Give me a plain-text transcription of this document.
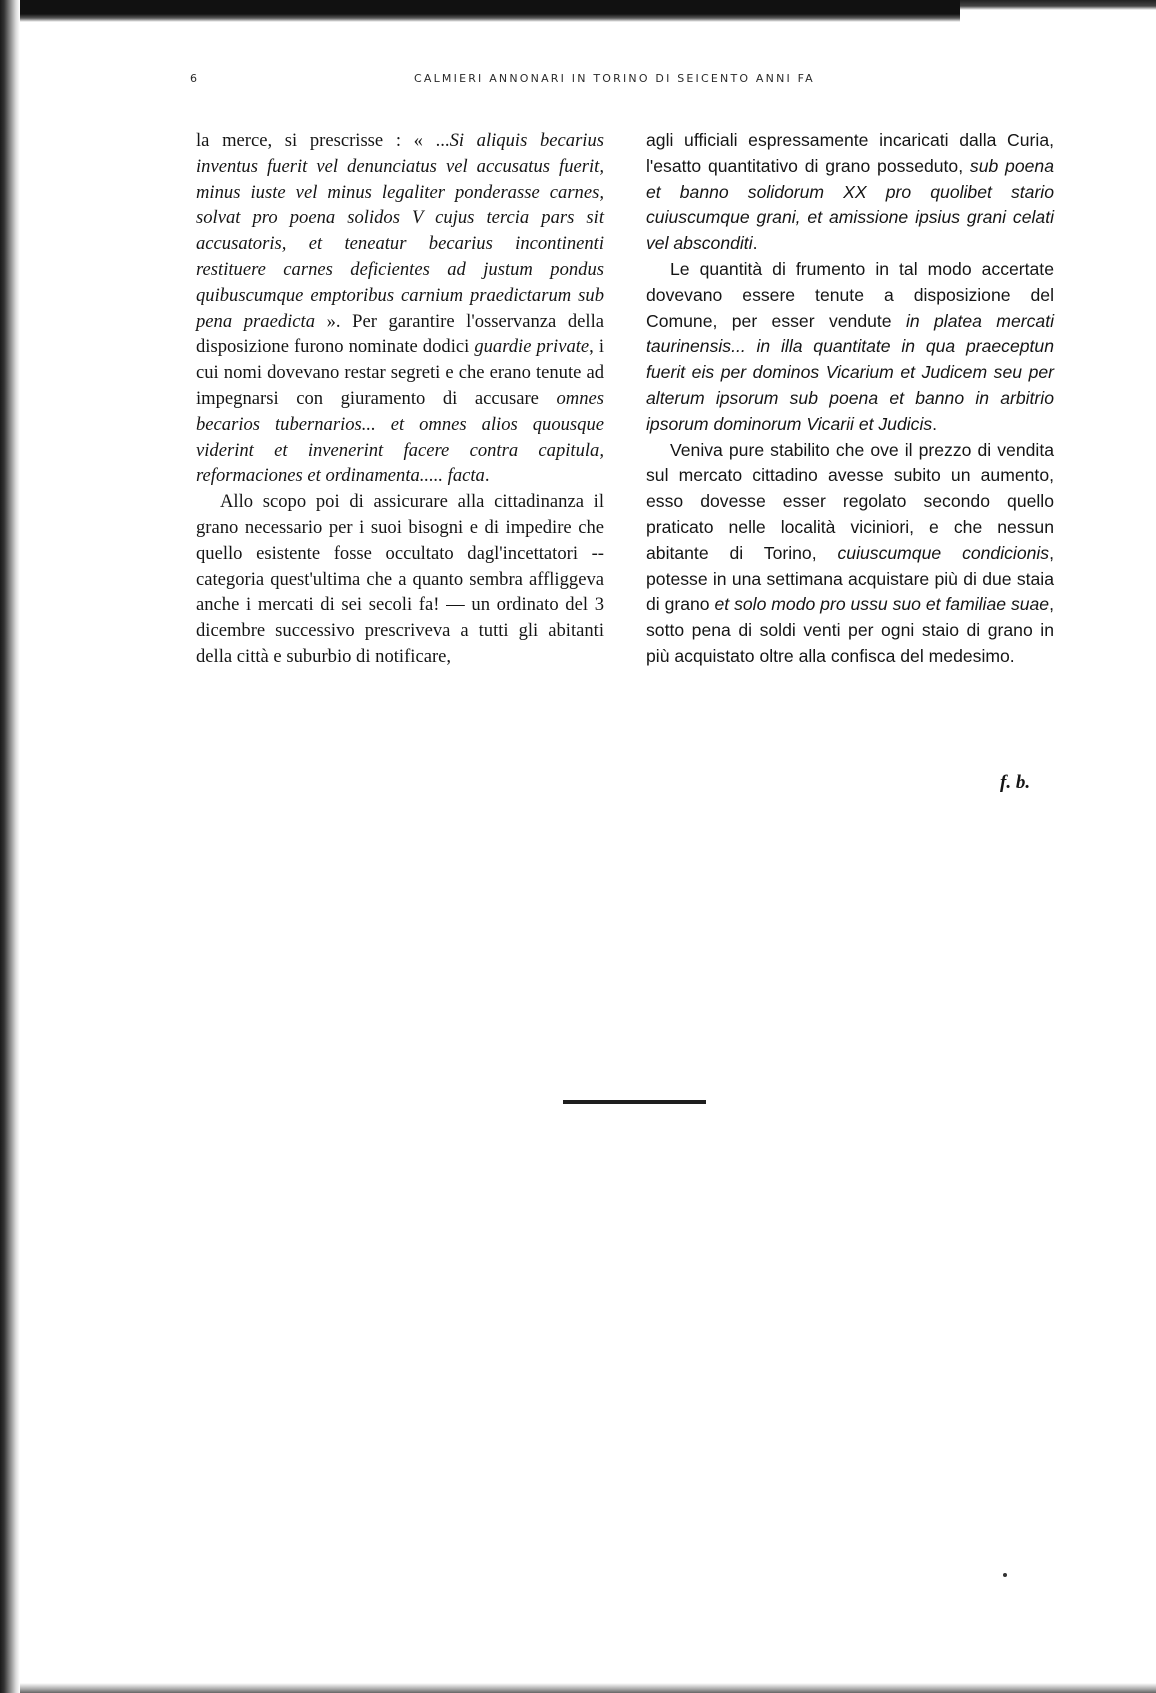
6	CALMIERI ANNONARI IN TORINO DI SEICENTO ANNI FA

la merce, si prescrisse : « ...Si aliquis becarius inventus fuerit vel denunciatus vel accusatus fuerit, minus iuste vel minus legaliter ponderasse carnes, solvat pro poena solidos V cujus tercia pars sit accusatoris, et teneatur becarius incontinenti restituere carnes deficientes ad justum pondus quibuscumque emptoribus carnium praedictarum sub pena praedicta ». Per garantire l'osservanza della disposizione furono nominate dodici guardie private, i cui nomi dovevano restar segreti e che erano tenute ad impegnarsi con giuramento di accusare omnes becarios tubernarios... et omnes alios quousque viderint et invenerint facere contra capitula, reformaciones et ordinamenta..... facta.

Allo scopo poi di assicurare alla cittadinanza il grano necessario per i suoi bisogni e di impedire che quello esistente fosse occultato dagl'incettatori -- categoria quest'ultima che a quanto sembra affliggeva anche i mercati di sei secoli fa! — un ordinato del 3 dicembre successivo prescriveva a tutti gli abitanti della città e suburbio di notificare,

agli ufficiali espressamente incaricati dalla Curia, l'esatto quantitativo di grano posseduto, sub poena et banno solidorum XX pro quolibet stario cuiuscumque grani, et amissione ipsius grani celati vel absconditi.

Le quantità di frumento in tal modo accertate dovevano essere tenute a disposizione del Comune, per esser vendute in platea mercati taurinensis... in illa quantitate in qua praeceptun fuerit eis per dominos Vicarium et Judicem seu per alterum ipsorum sub poena et banno in arbitrio ipsorum dominorum Vicarii et Judicis.

Veniva pure stabilito che ove il prezzo di vendita sul mercato cittadino avesse subito un aumento, esso dovesse esser regolato secondo quello praticato nelle località viciniori, e che nessun abitante di Torino, cuiuscumque condicionis, potesse in una settimana acquistare più di due staia di grano et solo modo pro ussu suo et familiae suae, sotto pena di soldi venti per ogni staio di grano in più acquistato oltre alla confisca del medesimo.

f. b.
